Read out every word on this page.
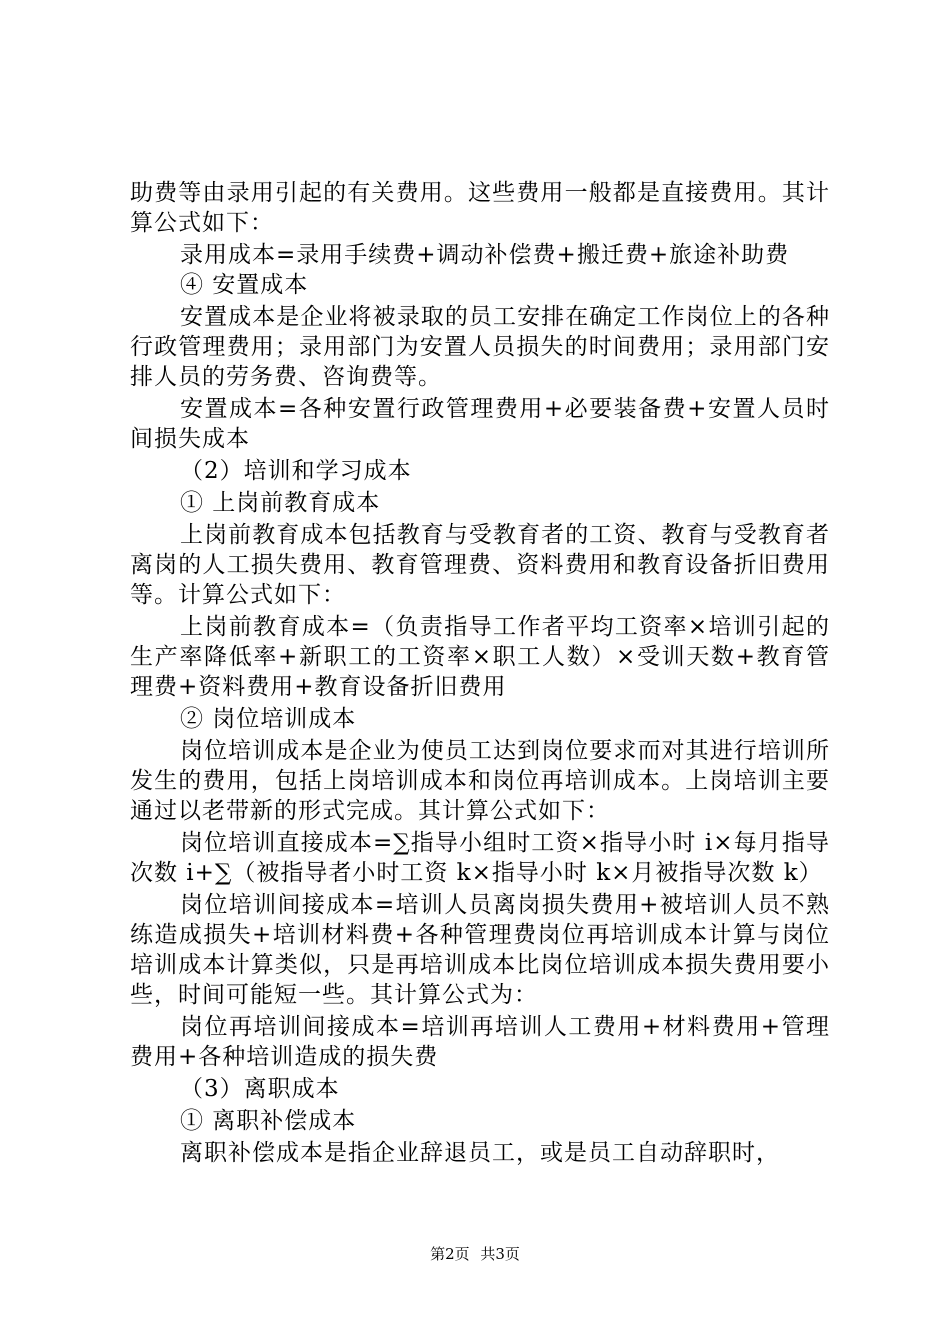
助费等由录用引起的有关费用。这些费用一般都是直接费用。其计算公式如下：

录用成本=录用手续费+调动补偿费+搬迁费+旅途补助费

④ 安置成本

安置成本是企业将被录取的员工安排在确定工作岗位上的各种行政管理费用；录用部门为安置人员损失的时间费用；录用部门安排人员的劳务费、咨询费等。

安置成本=各种安置行政管理费用+必要装备费+安置人员时间损失成本

（2）培训和学习成本

① 上岗前教育成本

上岗前教育成本包括教育与受教育者的工资、教育与受教育者离岗的人工损失费用、教育管理费、资料费用和教育设备折旧费用等。计算公式如下：

上岗前教育成本=（负责指导工作者平均工资率×培训引起的生产率降低率+新职工的工资率×职工人数）×受训天数+教育管理费+资料费用+教育设备折旧费用

② 岗位培训成本

岗位培训成本是企业为使员工达到岗位要求而对其进行培训所发生的费用，包括上岗培训成本和岗位再培训成本。上岗培训主要通过以老带新的形式完成。其计算公式如下：

岗位培训直接成本=∑指导小组时工资×指导小时 i×每月指导次数 i+∑（被指导者小时工资 k×指导小时 k×月被指导次数 k）

岗位培训间接成本=培训人员离岗损失费用+被培训人员不熟练造成损失+培训材料费+各种管理费岗位再培训成本计算与岗位培训成本计算类似，只是再培训成本比岗位培训成本损失费用要小些，时间可能短一些。其计算公式为：

岗位再培训间接成本=培训再培训人工费用+材料费用+管理费用+各种培训造成的损失费

（3）离职成本

① 离职补偿成本

离职补偿成本是指企业辞退员工，或是员工自动辞职时，

第2页 共3页
